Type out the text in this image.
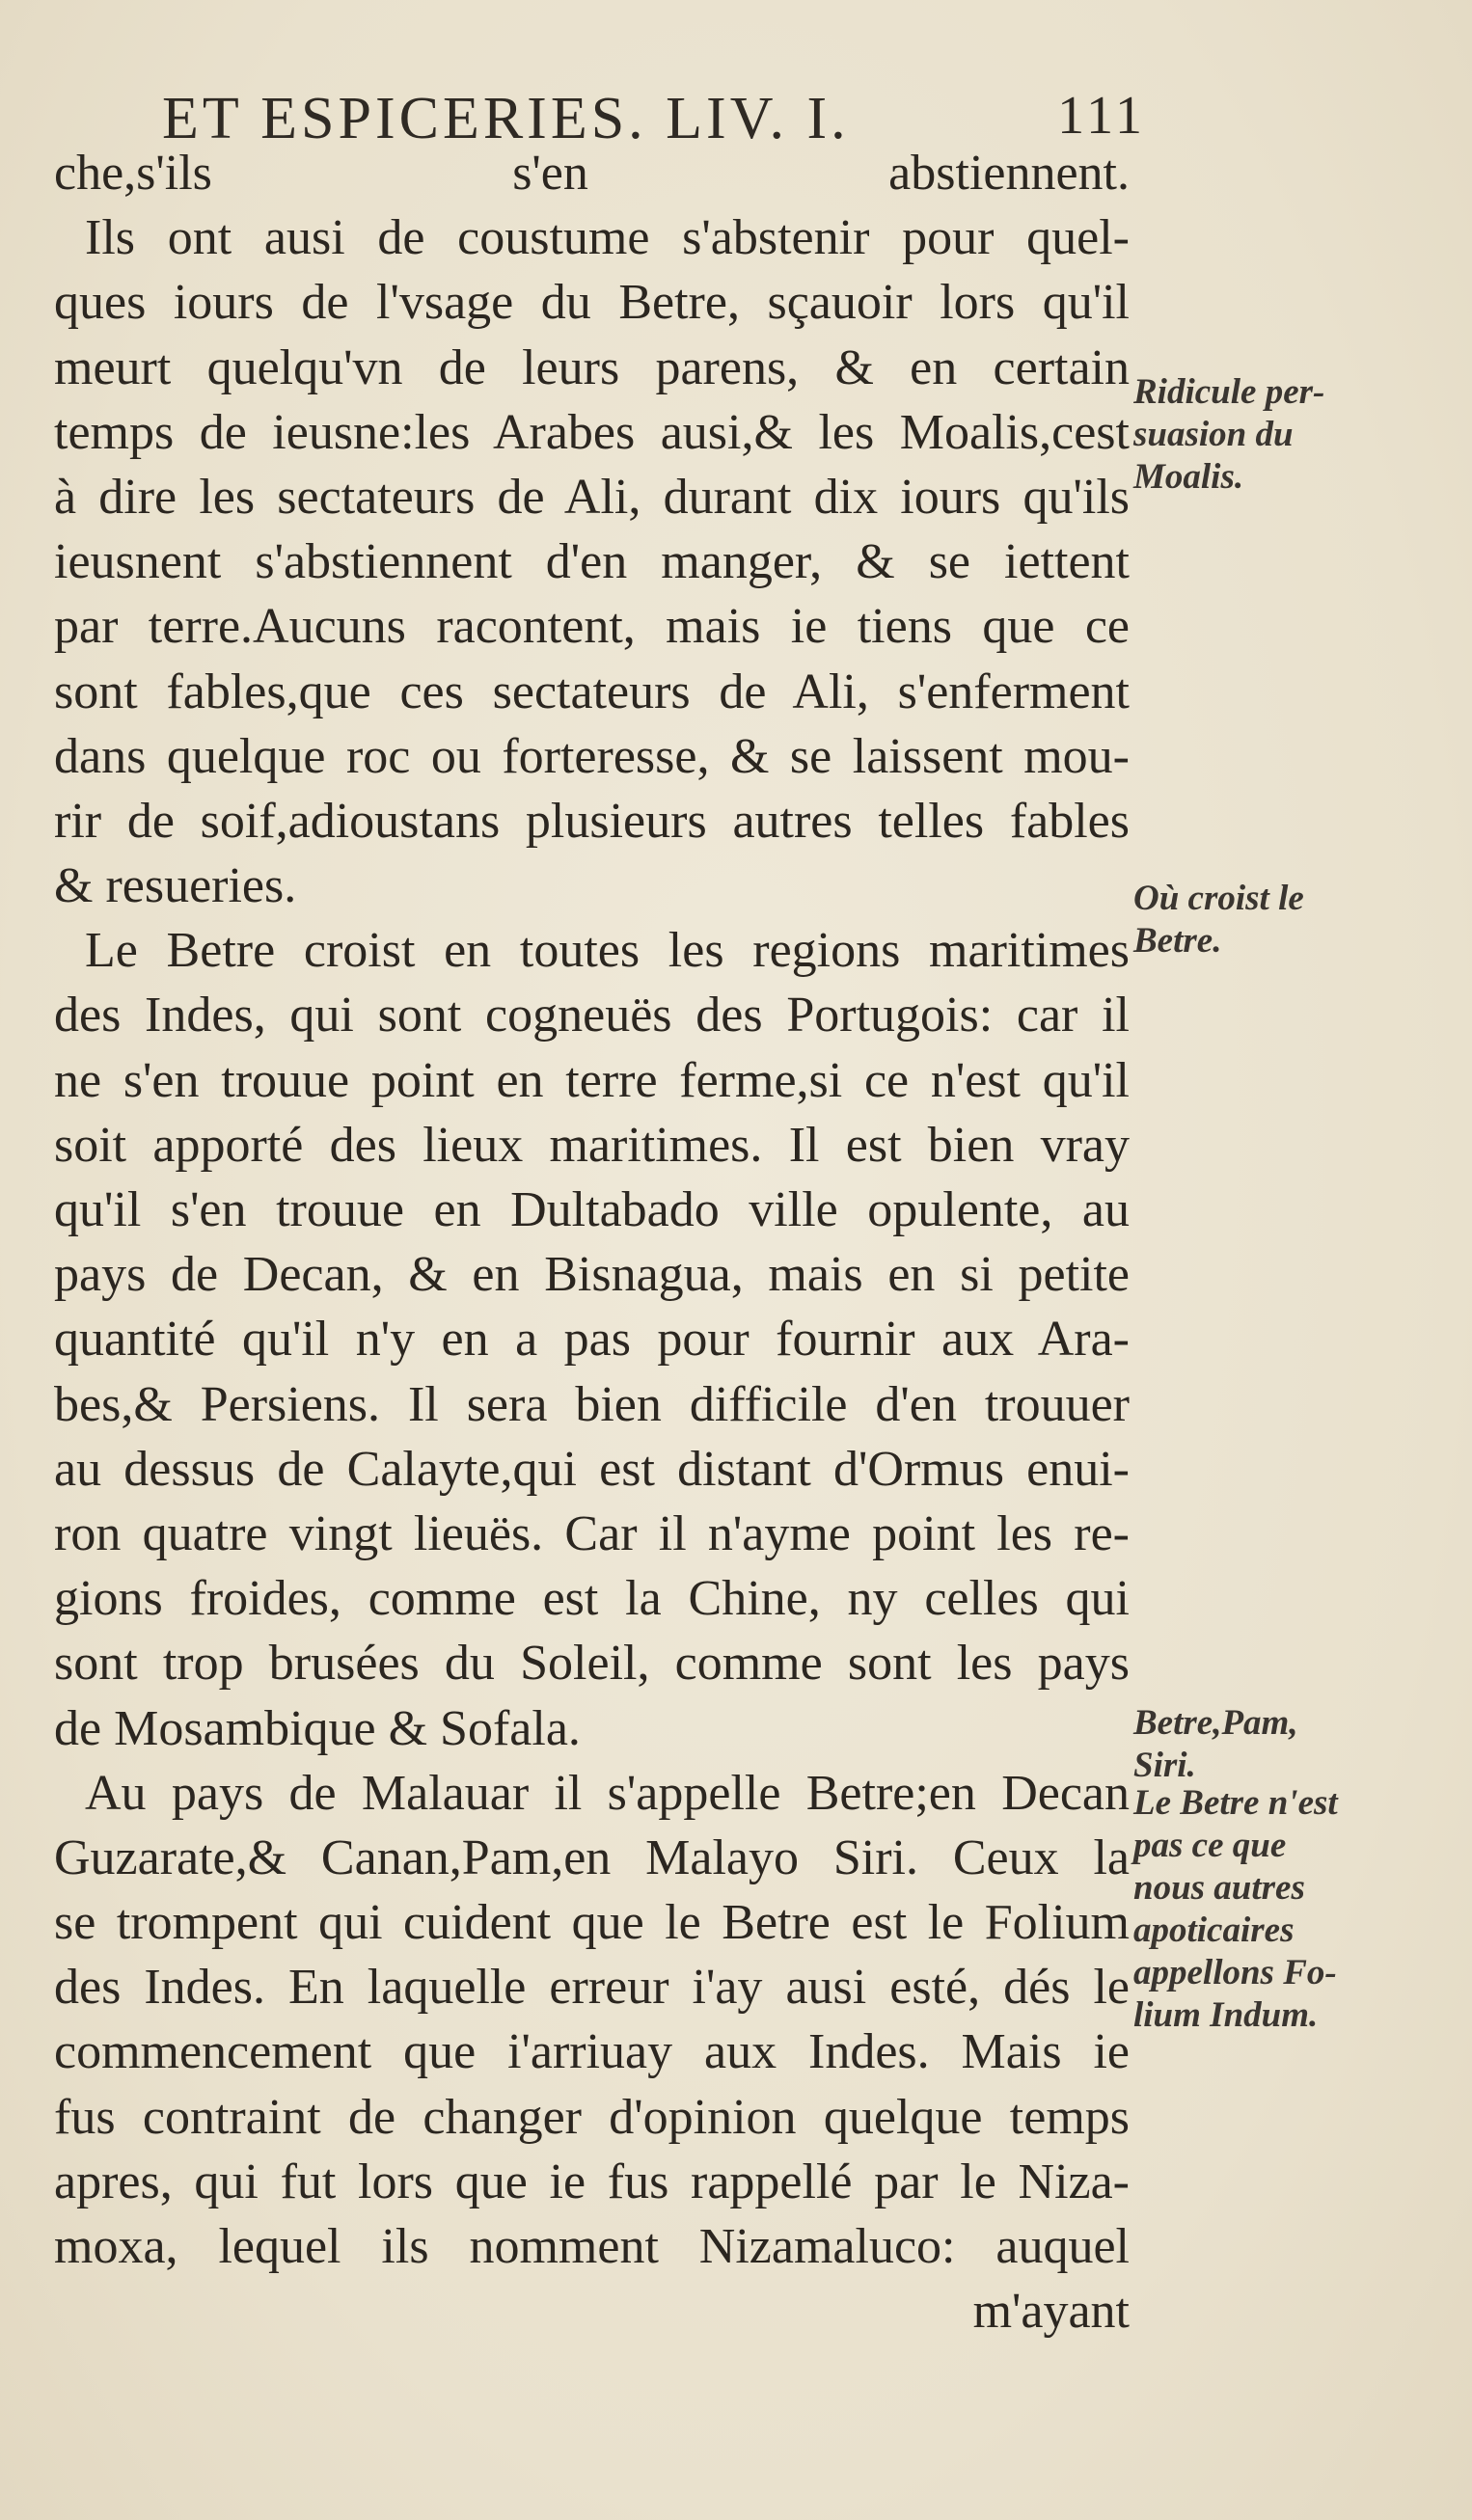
ET ESPICERIES. LIV. I.	111
che,s'ils s'en abstiennent.
Ils ont ausi de coustume s'abstenir pour quel-
ques iours de l'vsage du Betre, sçauoir lors qu'il
meurt quelqu'vn de leurs parens, & en certain
temps de ieusne:les Arabes ausi,& les Moalis,cest
à dire les sectateurs de Ali, durant dix iours qu'ils
ieusnent s'abstiennent d'en manger, & se iettent
par terre.Aucuns racontent, mais ie tiens que ce
sont fables,que ces sectateurs de Ali, s'enferment
dans quelque roc ou forteresse, & se laissent mou-
rir de soif,adioustans plusieurs autres telles fables
& resueries.
Le Betre croist en toutes les regions maritimes
des Indes, qui sont cogneuës des Portugois: car il
ne s'en trouue point en terre ferme,si ce n'est qu'il
soit apporté des lieux maritimes. Il est bien vray
qu'il s'en trouue en Dultabado ville opulente, au
pays de Decan, & en Bisnagua, mais en si petite
quantité qu'il n'y en a pas pour fournir aux Ara-
bes,& Persiens. Il sera bien difficile d'en trouuer
au dessus de Calayte,qui est distant d'Ormus enui-
ron quatre vingt lieuës. Car il n'ayme point les re-
gions froides, comme est la Chine, ny celles qui
sont trop brusées du Soleil, comme sont les pays
de Mosambique & Sofala.
Au pays de Malauar il s'appelle Betre;en Decan
Guzarate,& Canan,Pam,en Malayo Siri. Ceux la
se trompent qui cuident que le Betre est le Folium
des Indes. En laquelle erreur i'ay ausi esté, dés le
commencement que i'arriuay aux Indes. Mais ie
fus contraint de changer d'opinion quelque temps
apres, qui fut lors que ie fus rappellé par le Niza-
moxa, lequel ils nomment Nizamaluco: auquel
m'ayant
Ridicule per-
suasion du
Moalis.
Où croist le
Betre.
Betre,Pam,
Siri.
Le Betre n'est
pas ce que
nous autres
apoticaires
appellons Fo-
lium Indum.
